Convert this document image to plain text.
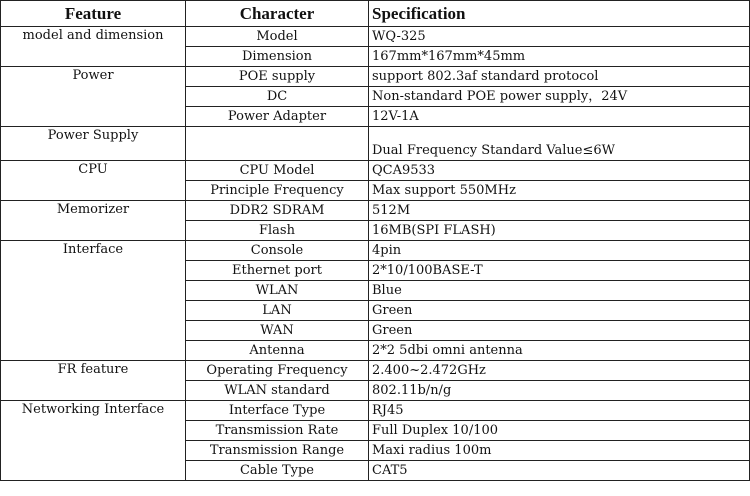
Feature	Character	Specification
model and dimension	Model	WQ-325
	Dimension	167mm*167mm*45mm
Power	POE supply	support 802.3af standard protocol
	DC	Non-standard POE power supply，24V
	Power Adapter	12V-1A
Power Supply		Dual Frequency Standard Value≤6W
CPU	CPU Model	QCA9533
	Principle Frequency	Max support 550MHz
Memorizer	DDR2 SDRAM	512M
	Flash	16MB(SPI FLASH)
Interface	Console	4pin
	Ethernet port	2*10/100BASE-T
	WLAN	Blue
	LAN	Green
	WAN	Green
	Antenna	2*2 5dbi omni antenna
FR feature	Operating Frequency	2.400~2.472GHz
	WLAN standard	802.11b/n/g
Networking Interface	Interface Type	RJ45
	Transmission Rate	Full Duplex 10/100
	Transmission Range	Maxi radius 100m
	Cable Type	CAT5
